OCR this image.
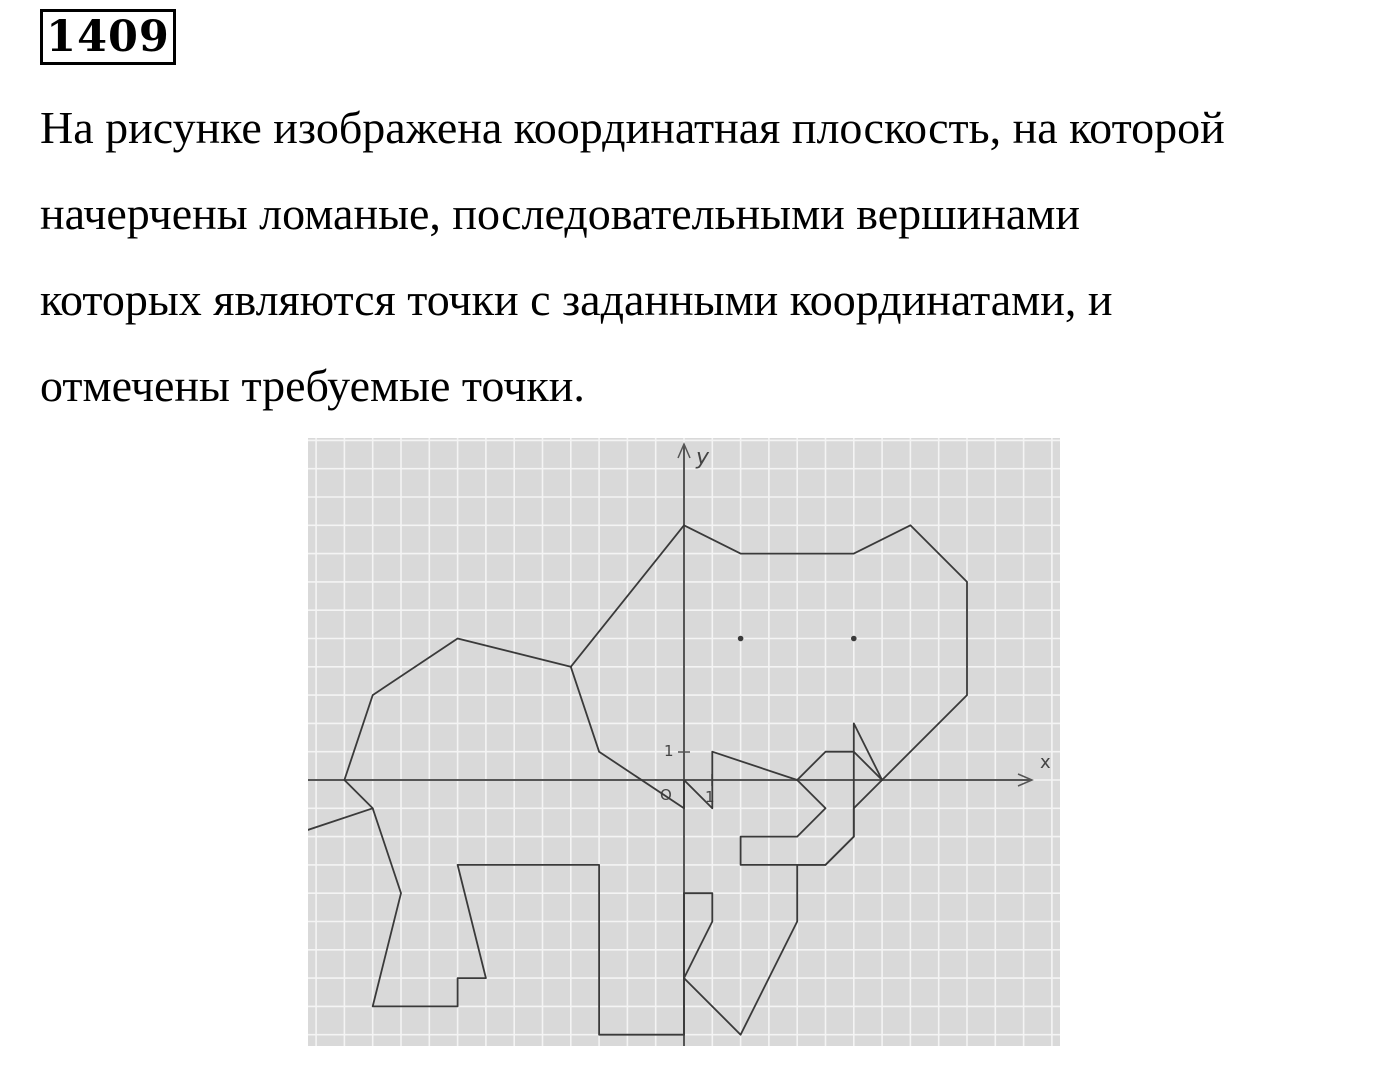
1409
На рисунке изображена координатная плоскость, на которой
начерчены ломаные, последовательными вершинами
которых являются точки с заданными координатами, и
отмечены требуемые точки.
x
y
O 1
1
